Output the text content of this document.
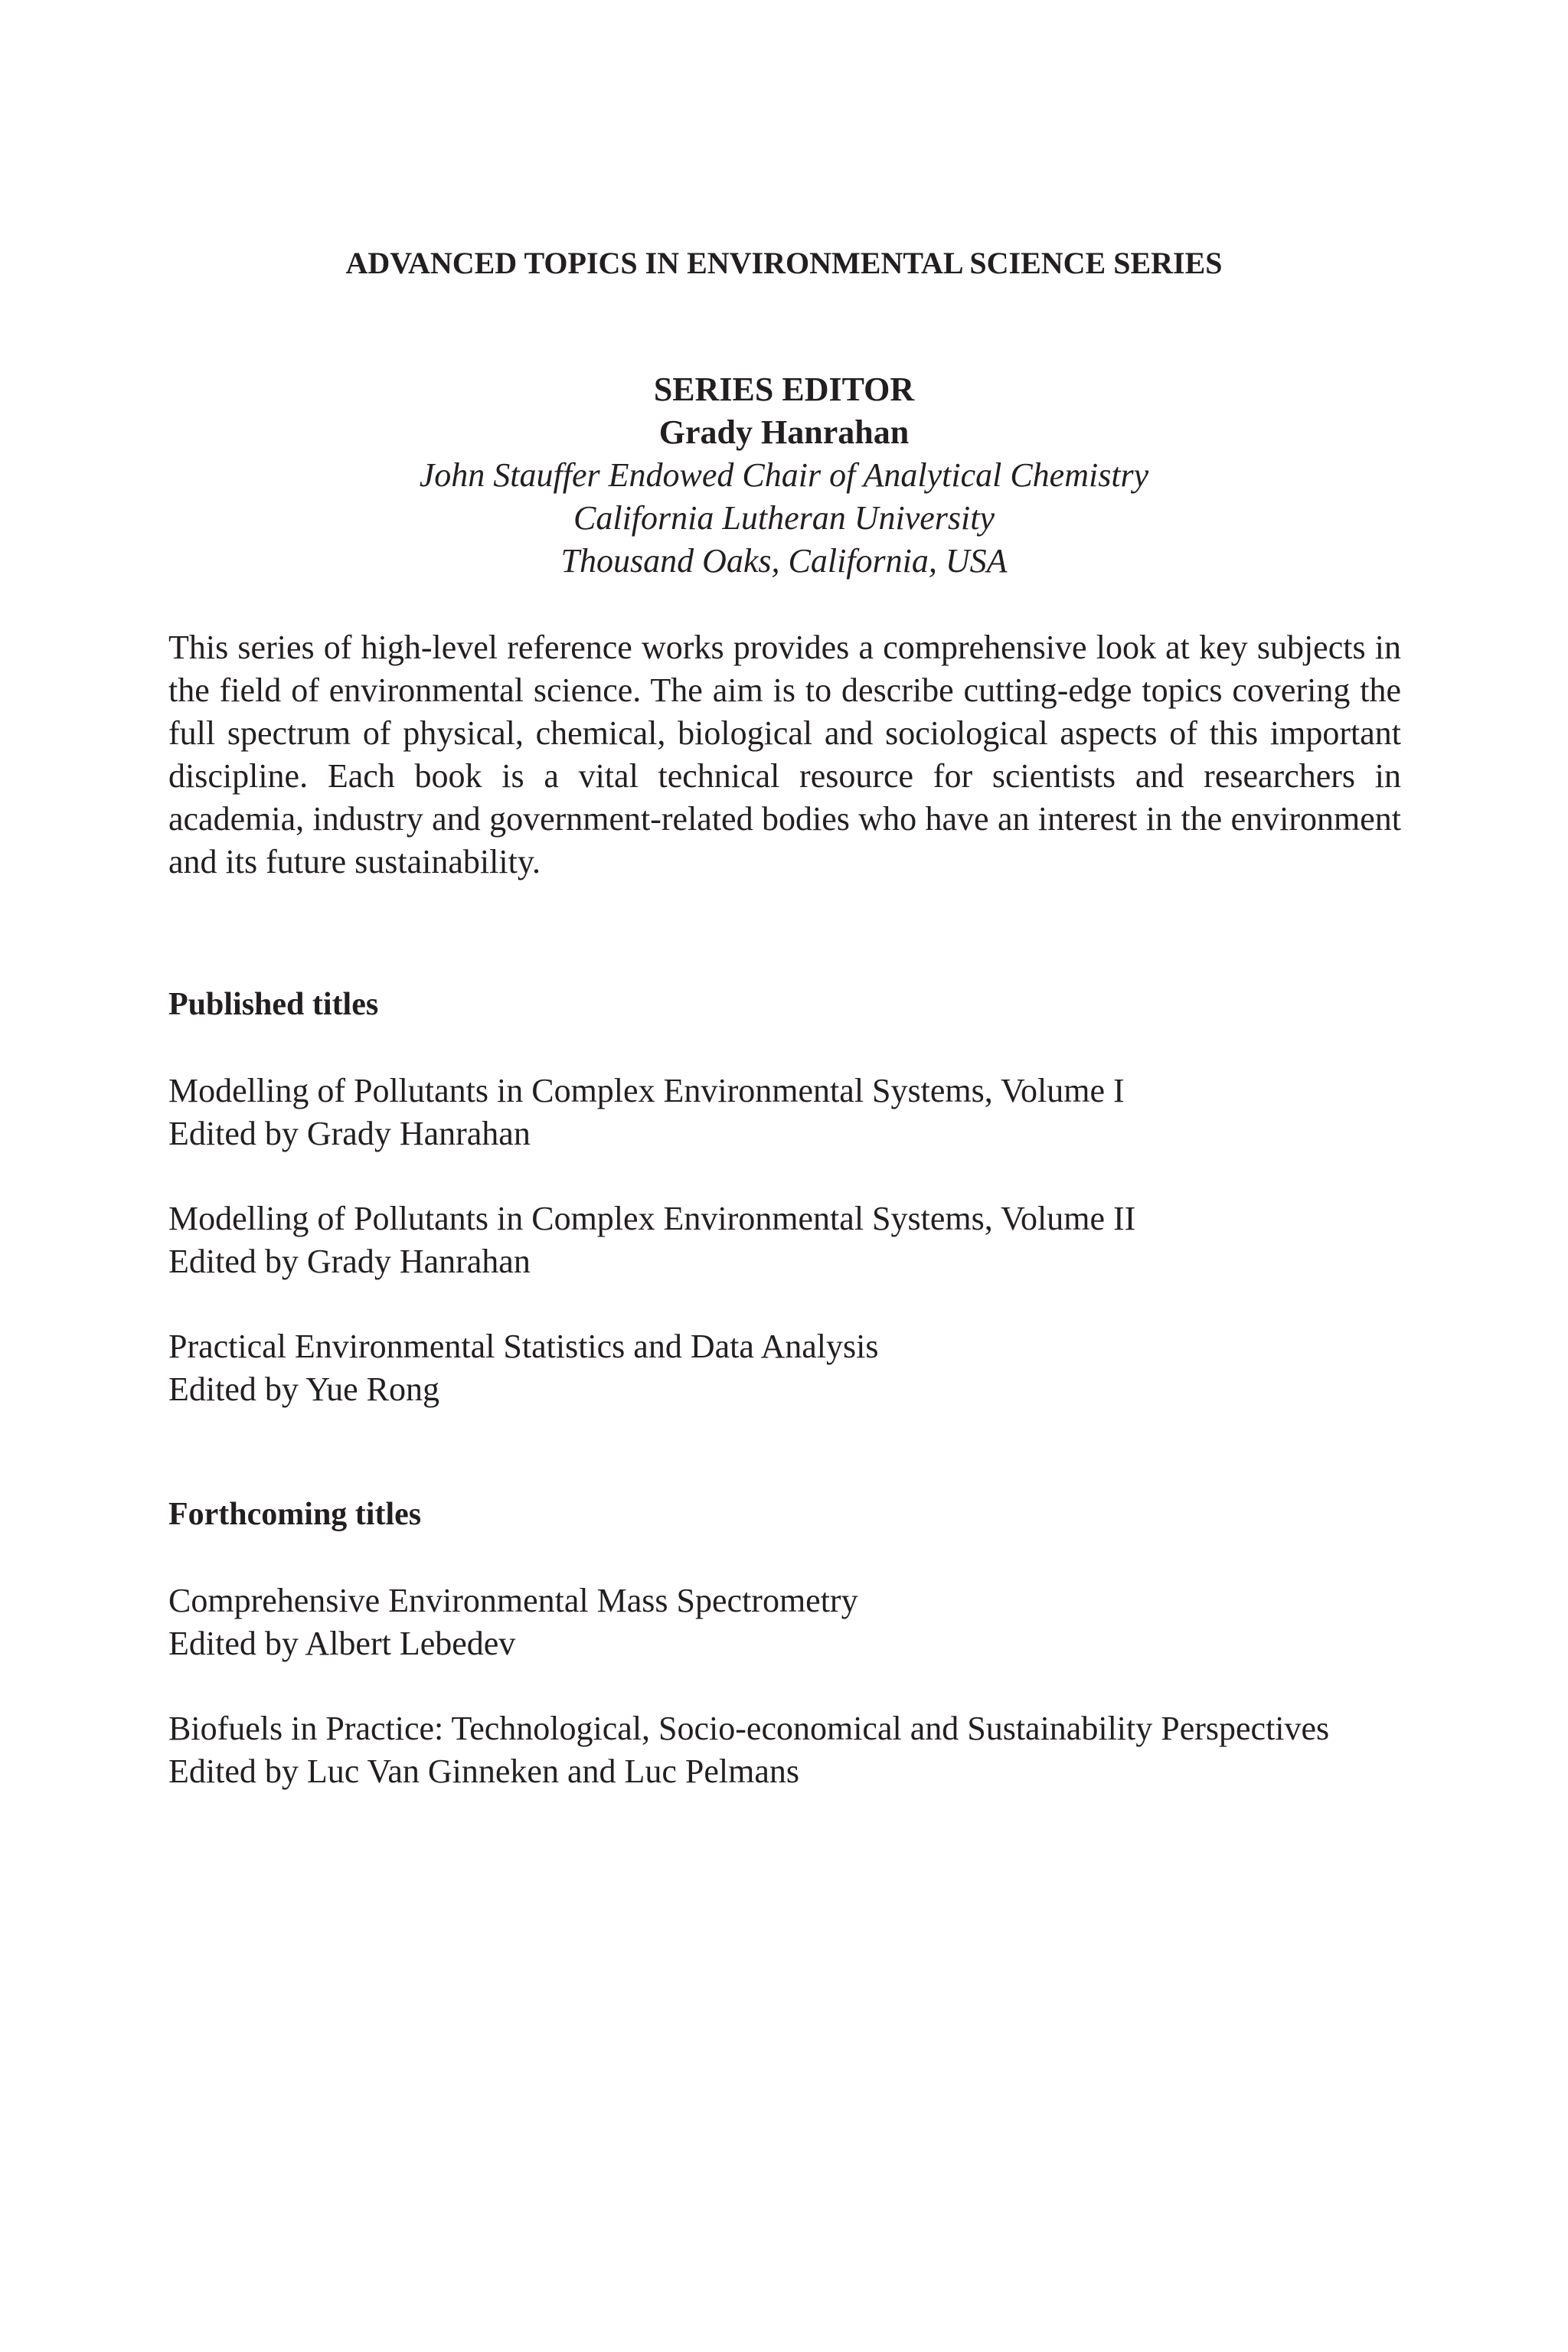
ADVANCED TOPICS IN ENVIRONMENTAL SCIENCE SERIES
SERIES EDITOR
Grady Hanrahan
John Stauffer Endowed Chair of Analytical Chemistry
California Lutheran University
Thousand Oaks, California, USA

This series of high-level reference works provides a comprehensive look at key subjects in the field of environmental science. The aim is to describe cutting-edge topics covering the full spectrum of physical, chemical, biological and sociological aspects of this important discipline. Each book is a vital technical resource for scientists and researchers in academia, industry and government-related bodies who have an interest in the environment and its future sustainability.

Published titles
Modelling of Pollutants in Complex Environmental Systems, Volume I
Edited by Grady Hanrahan
Modelling of Pollutants in Complex Environmental Systems, Volume II
Edited by Grady Hanrahan
Practical Environmental Statistics and Data Analysis
Edited by Yue Rong
Forthcoming titles
Comprehensive Environmental Mass Spectrometry
Edited by Albert Lebedev
Biofuels in Practice: Technological, Socio-economical and Sustainability Perspectives
Edited by Luc Van Ginneken and Luc Pelmans
